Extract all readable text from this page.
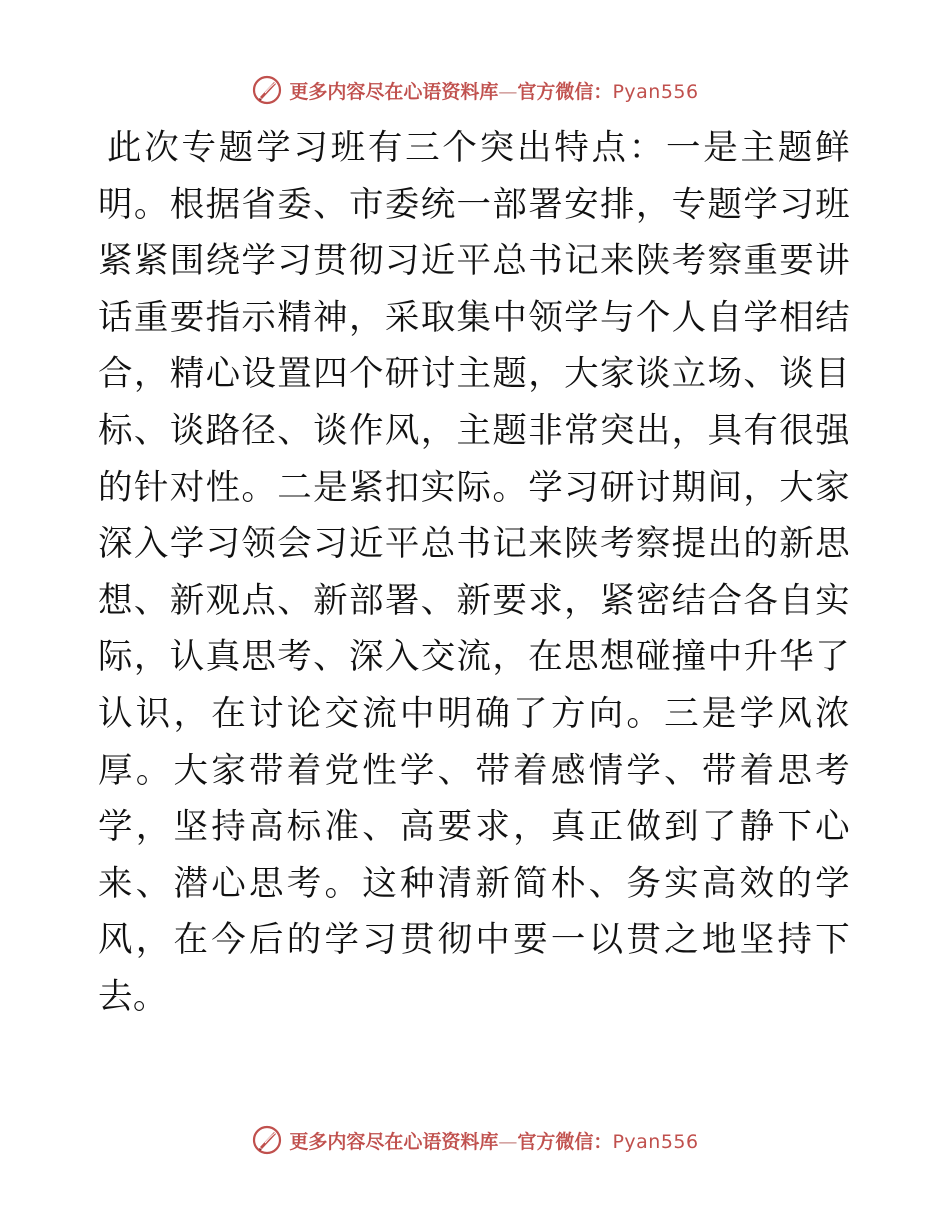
更多内容尽在心语资料库—官方微信：Pyan556

此次专题学习班有三个突出特点：一是主题鲜明。根据省委、市委统一部署安排，专题学习班紧紧围绕学习贯彻习近平总书记来陕考察重要讲话重要指示精神，采取集中领学与个人自学相结合，精心设置四个研讨主题，大家谈立场、谈目标、谈路径、谈作风，主题非常突出，具有很强的针对性。二是紧扣实际。学习研讨期间，大家深入学习领会习近平总书记来陕考察提出的新思想、新观点、新部署、新要求，紧密结合各自实际，认真思考、深入交流，在思想碰撞中升华了认识，在讨论交流中明确了方向。三是学风浓厚。大家带着党性学、带着感情学、带着思考学，坚持高标准、高要求，真正做到了静下心来、潜心思考。这种清新简朴、务实高效的学风，在今后的学习贯彻中要一以贯之地坚持下去。

更多内容尽在心语资料库—官方微信：Pyan556
